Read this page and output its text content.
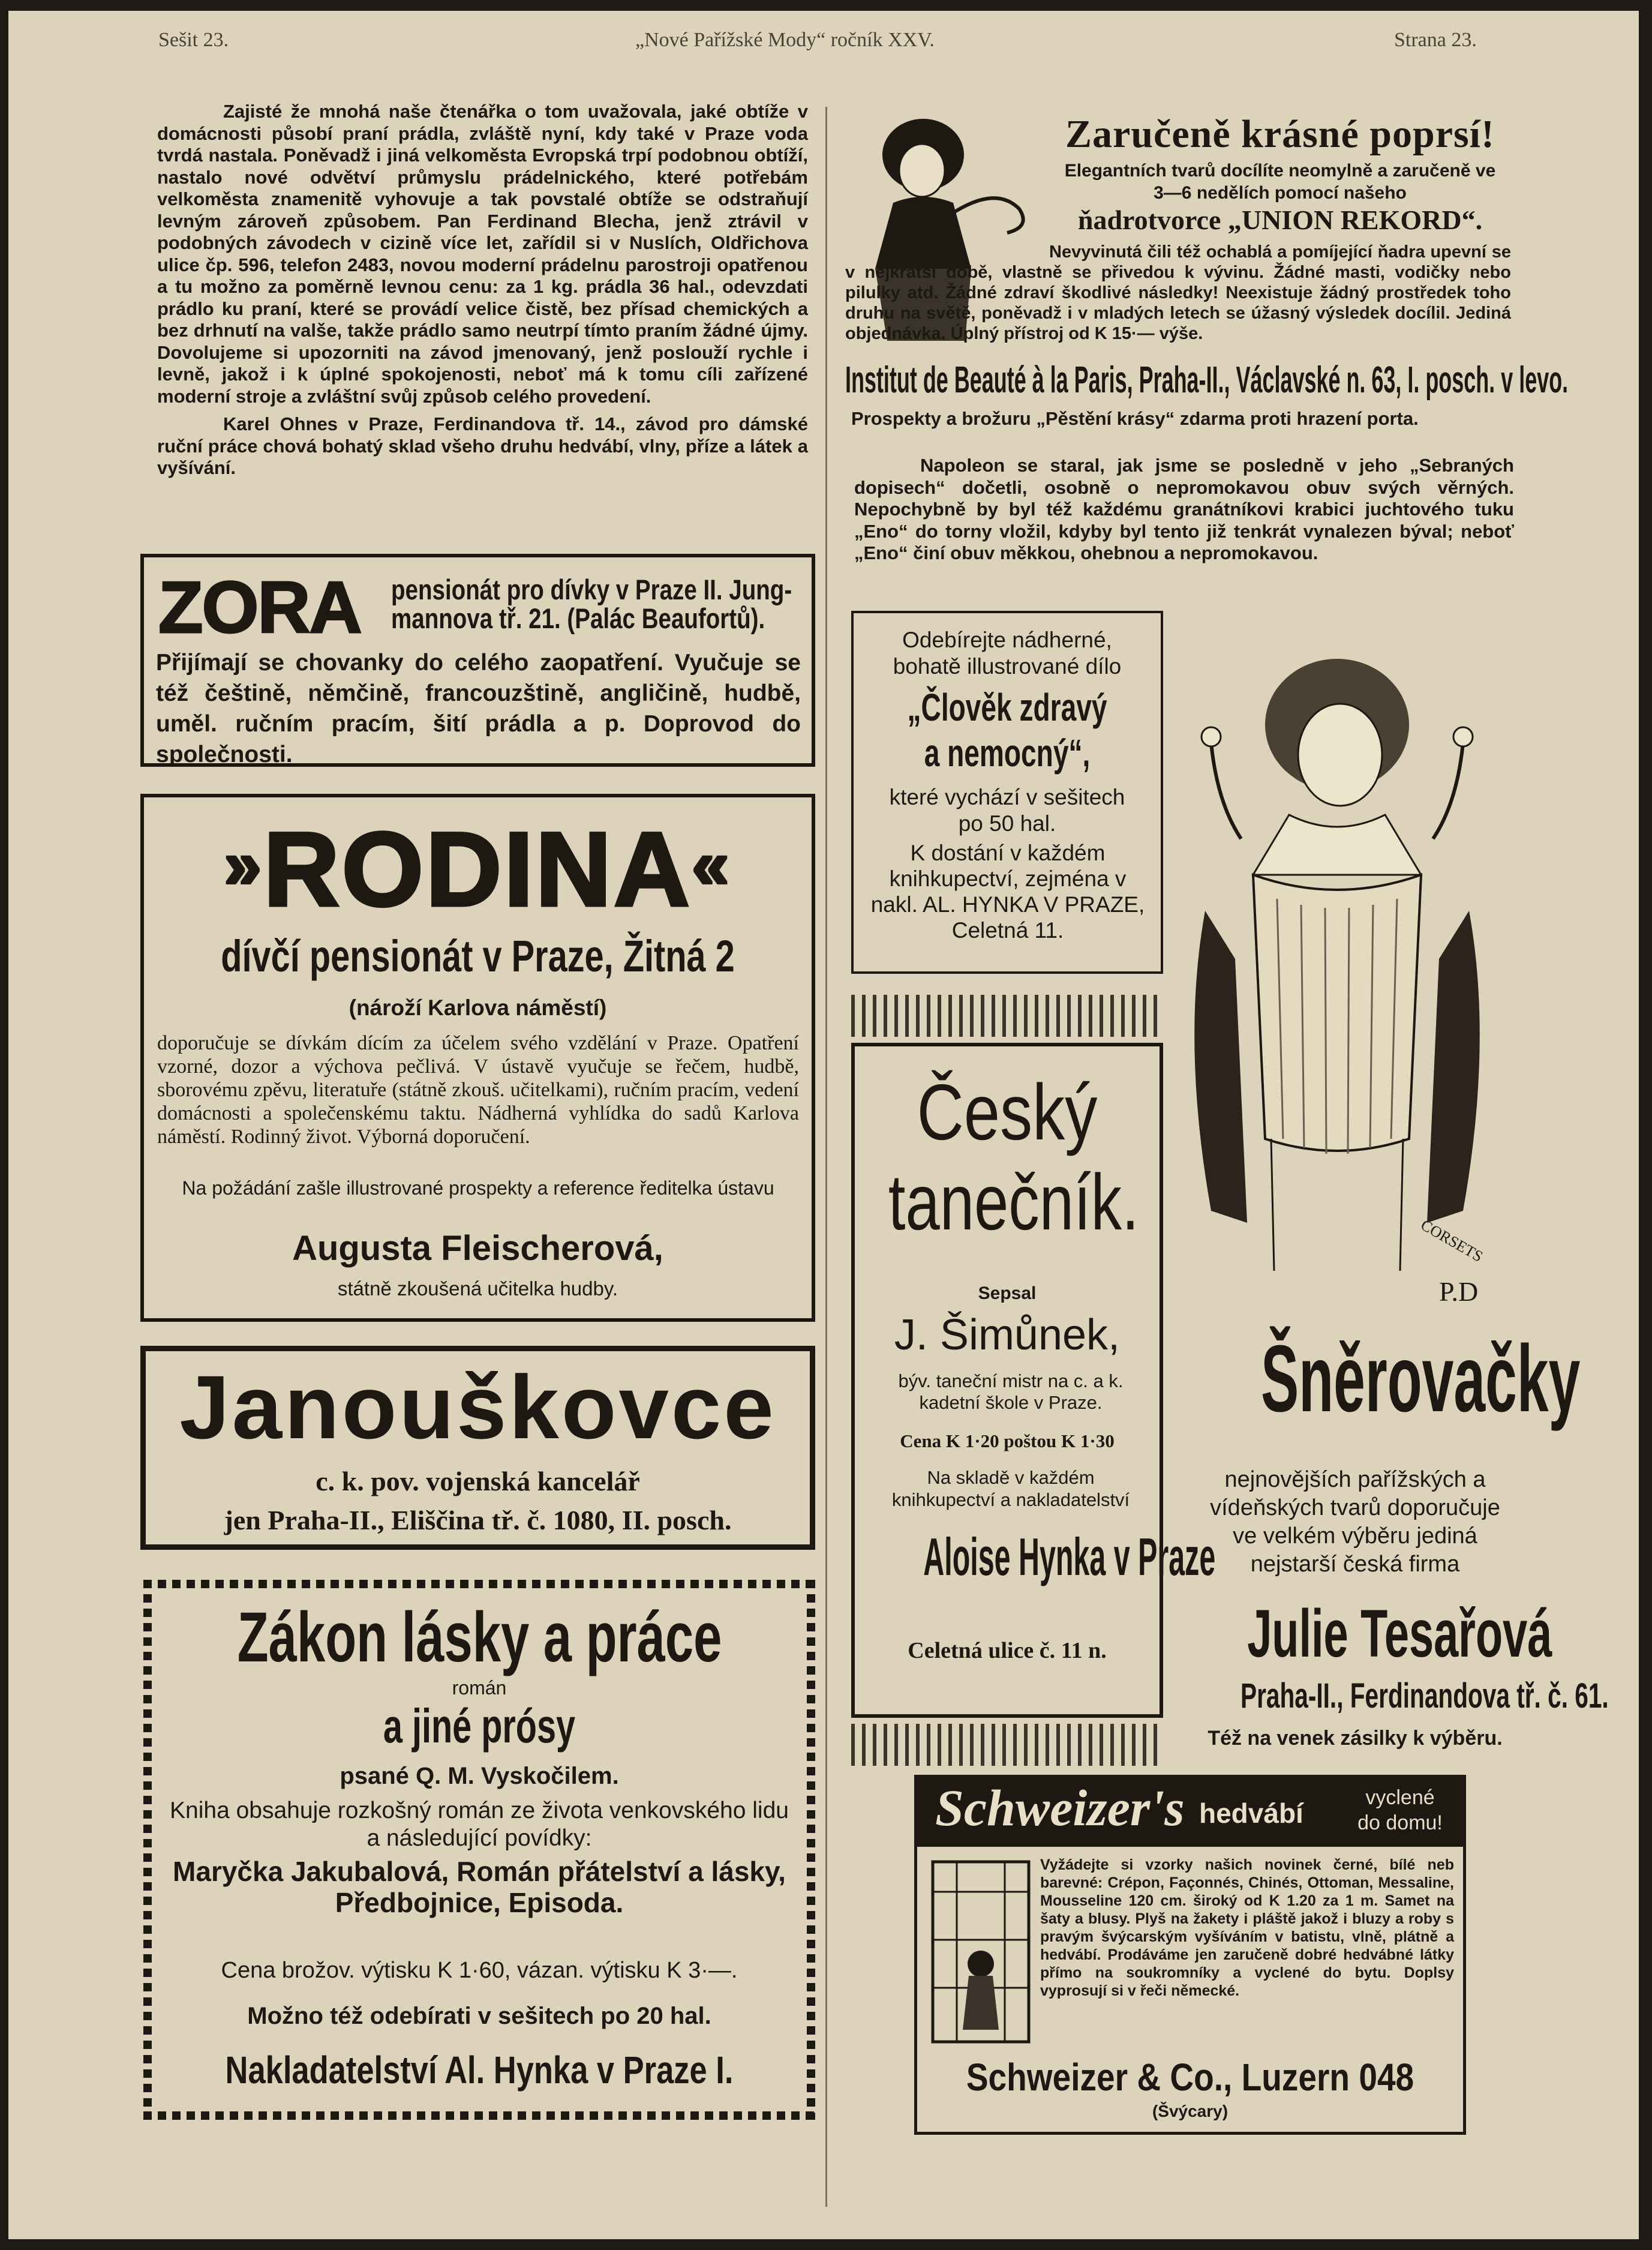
Sešit 23.	„Nové Pařížské Mody“ ročník XXV.	Strana 23.

Zajisté že mnohá naše čtenářka o tom uvažovala, jaké obtíže v domácnosti působí praní prádla, zvláště nyní, kdy také v Praze voda tvrdá nastala. Poněvadž i jiná velkoměsta Evropská trpí podobnou obtíží, nastalo nové odvětví průmyslu prádelnického, které potřebám velkoměsta znamenitě vyhovuje a tak povstalé obtíže se odstraňují levným zároveň způsobem. Pan Ferdinand Blecha, jenž ztrávil v podobných závodech v cizině více let, zařídil si v Nuslích, Oldřichova ulice čp. 596, telefon 2483, novou moderní prádelnu parostroji opatřenou a tu možno za poměrně levnou cenu: za 1 kg. prádla 36 hal., odevzdati prádlo ku praní, které se provádí velice čistě, bez přísad chemických a bez drhnutí na valše, takže prádlo samo neutrpí tímto praním žádné újmy. Dovolujeme si upozorniti na závod jmenovaný, jenž poslouží rychle i levně, jakož i k úplné spokojenosti, neboť má k tomu cíli zařízené moderní stroje a zvláštní svůj způsob celého provedení.

Karel Ohnes v Praze, Ferdinandova tř. 14., závod pro dámské ruční práce chová bohatý sklad všeho druhu hedvábí, vlny, příze a látek a vyšívání.

ZORA pensionát pro dívky v Praze II. Jung-
mannova tř. 21. (Palác Beaufortů).

Přijímají se chovanky do celého zaopatření. Vyučuje se též češtině, němčině, francouzštině, angličině, hudbě, uměl. ručním pracím, šití prádla a p. Doprovod do společnosti.

»RODINA«
dívčí pensionát v Praze, Žitná 2
(nároží Karlova náměstí)

doporučuje se dívkám dícím za účelem svého vzdělání v Praze. Opatření vzorné, dozor a výchova pečlivá. V ústavě vyučuje se řečem, hudbě, sborovému zpěvu, literatuře (státně zkouš. učitelkami), ručním pracím, vedení domácnosti a společenskému taktu. Nádherná vyhlídka do sadů Karlova náměstí. Rodinný život. Výborná doporučení.

Na požádání zašle illustrované prospekty a reference ředitelka ústavu

Augusta Fleischerová,
státně zkoušená učitelka hudby.
Janouškovce
c. k. pov. vojenská kancelář
jen Praha-II., Eliščina tř. č. 1080, II. posch.
Zákon lásky a práce
román
a jiné prósy
psané Q. M. Vyskočilem.

Kniha obsahuje rozkošný román ze života venkovského lidu a následující povídky:

Maryčka Jakubalová, Román přátelství a lásky, Předbojnice, Episoda.

Cena brožov. výtisku K 1·60, vázan. výtisku K 3·—.
Možno též odebírati v sešitech po 20 hal.
Nakladatelství Al. Hynka v Praze I.
Zaručeně krásné poprsí!
Elegantních tvarů docílíte neomylně a zaručeně ve
3—6 nedělích pomocí našeho
ňadrotvorce „UNION REKORD“.

Nevyvinutá čili též ochablá a pomíjející ňadra upevní se v nejkratší době, vlastně se přivedou k vývinu. Žádné masti, vodičky nebo pilulky atd. Žádné zdraví škodlivé následky! Neexistuje žádný prostředek toho druhu na světě, poněvadž i v mladých letech se úžasný výsledek docílil. Jediná objednávka. Úplný přístroj od K 15·— výše.

Institut de Beauté à la Paris, Praha-II., Václavské n. 63, I. posch. v levo.
Prospekty a brožuru „Pěstění krásy“ zdarma proti hrazení porta.

Napoleon se staral, jak jsme se posledně v jeho „Sebraných dopisech“ dočetli, osobně o nepromokavou obuv svých věrných. Nepochybně by byl též každému granátníkovi krabici juchtového tuku „Eno“ do torny vložil, kdyby byl tento již tenkrát vynalezen býval; neboť „Eno“ činí obuv měkkou, ohebnou a nepromokavou.

Odebírejte nádherné,
bohatě illustrované dílo
„Člověk zdravý
a nemocný“,
které vychází v sešitech
po 50 hal.

K dostání v každém knihkupectví, zejména v nakl. AL. HYNKA V PRAZE, Celetná 11.

Český
tanečník.
Sepsal
J. Šimůnek,

býv. taneční mistr na c. a k. kadetní škole v Praze.

Cena K 1·20 poštou K 1·30

Na skladě v každém knihkupectví a nakladatelství

Aloise Hynka v Praze
Celetná ulice č. 11 n.
CORSETS
P.D
Šněrovačky

nejnovějších pařížských a vídeňských tvarů doporučuje ve velkém výběru jediná nejstarší česká firma

Julie Tesařová
Praha-II., Ferdinandova tř. č. 61.
Též na venek zásilky k výběru.
Schweizer's hedvábí	vyclené
do domu!

Vyžádejte si vzorky našich novinek černé, bílé neb barevné: Crépon, Façonnés, Chinés, Ottoman, Messaline, Mousseline 120 cm. široký od K 1.20 za 1 m. Samet na šaty a blusy. Plyš na žakety i pláště jakož i bluzy a roby s pravým švýcarským vyšíváním v batistu, vlně, plátně a hedvábí. Prodáváme jen zaručeně dobré hedvábné látky přímo na soukromníky a vyclené do bytu. Doplsy vyprosují si v řeči německé.

Schweizer & Co., Luzern 048
(Švýcary)
